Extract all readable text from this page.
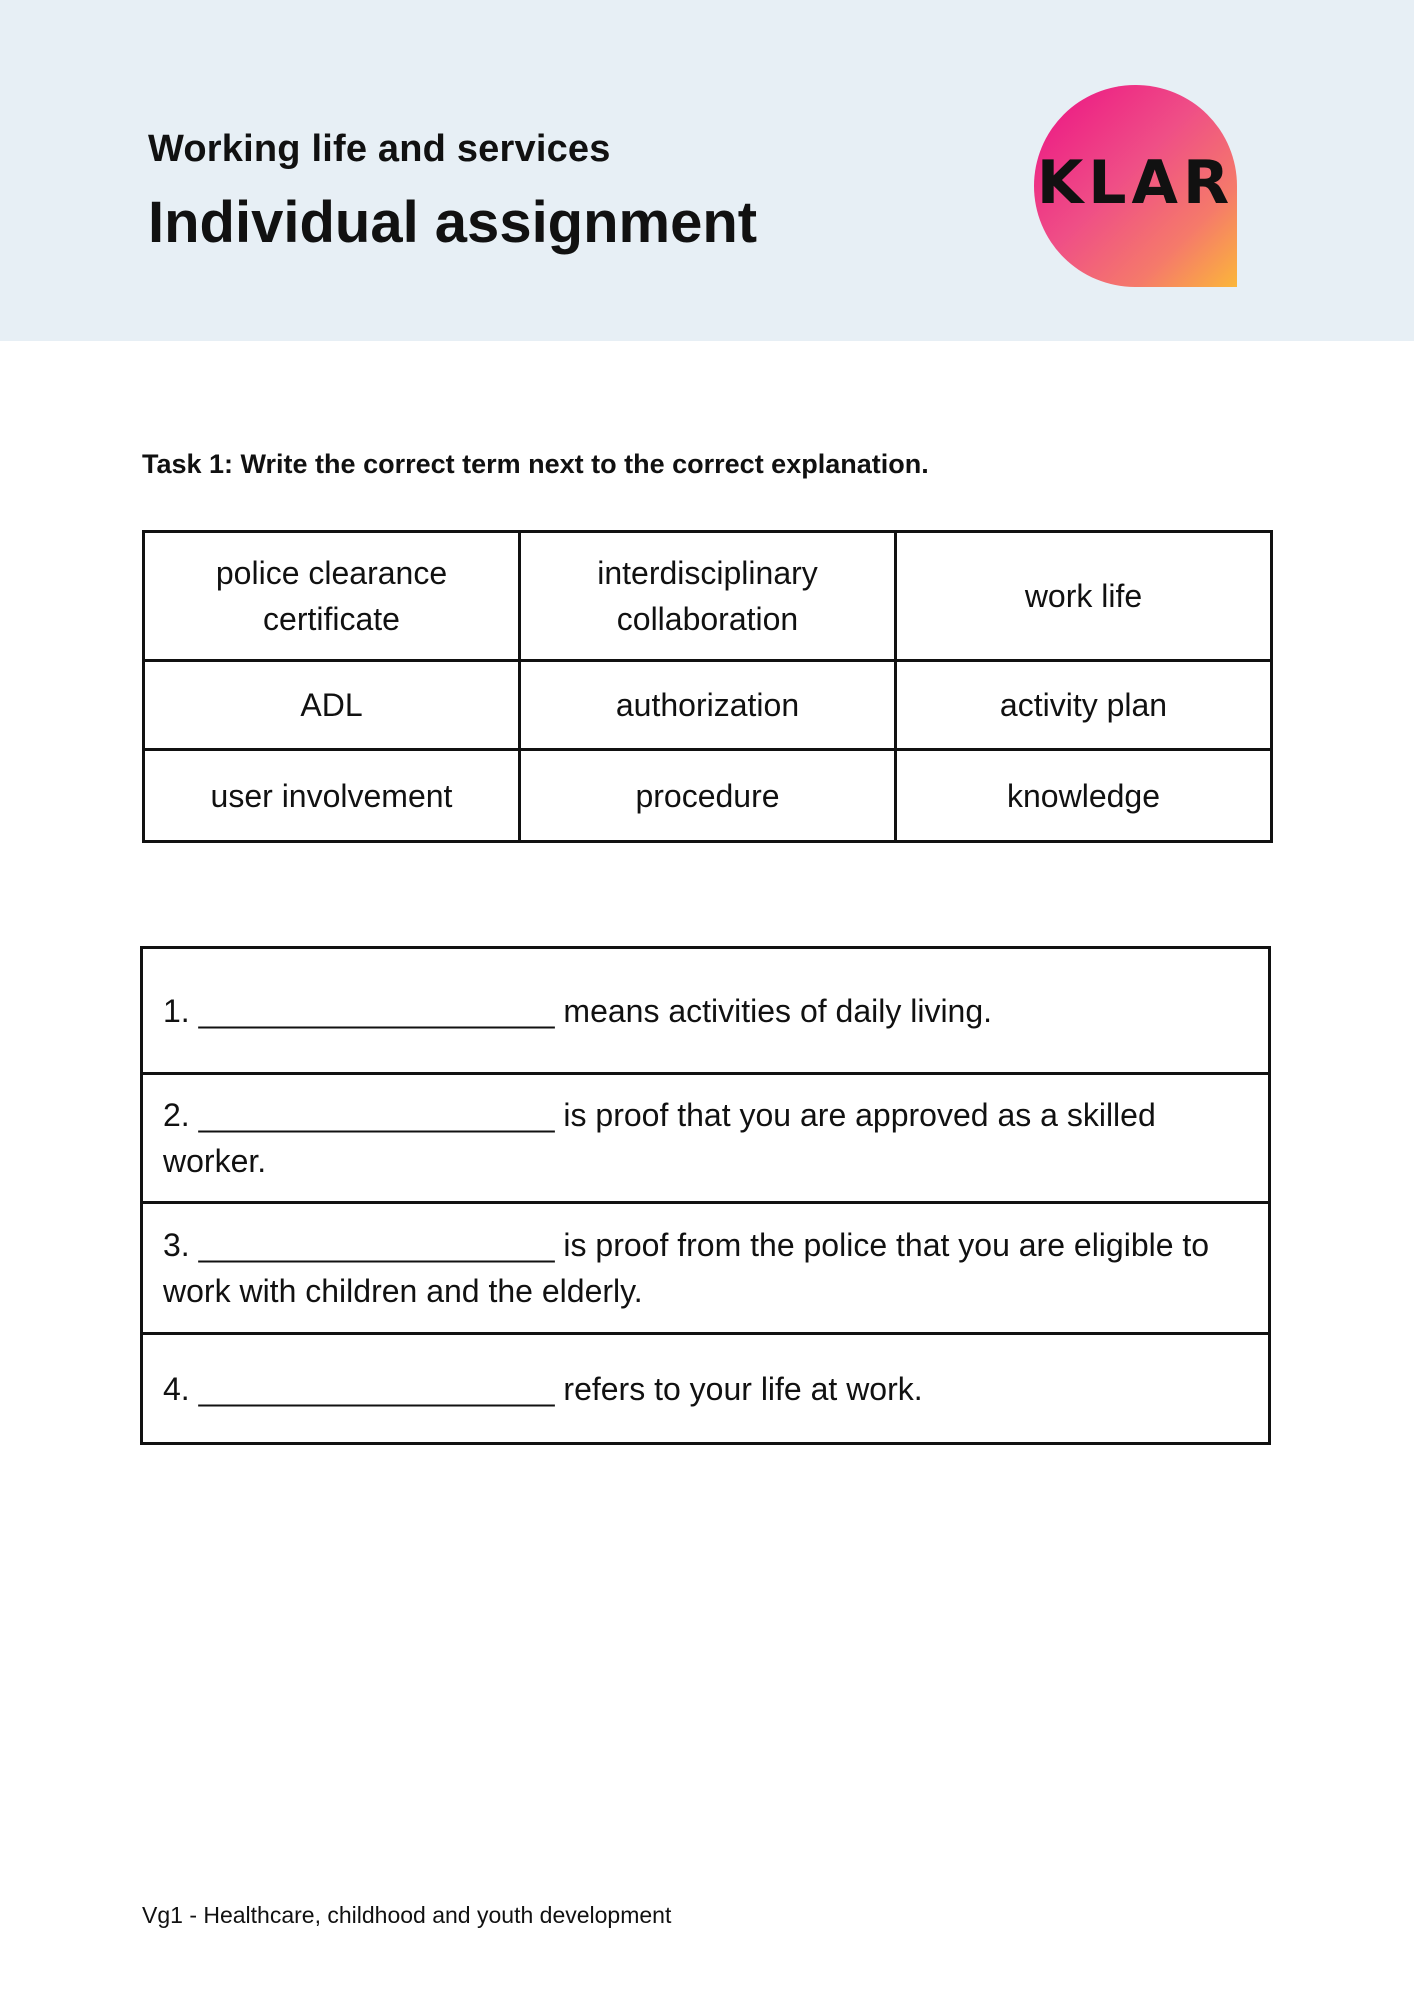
Working life and services
Individual assignment
KLAR
Task 1: Write the correct term next to the correct explanation.
police clearance certificate	interdisciplinary collaboration	work life
ADL	authorization	activity plan
user involvement	procedure	knowledge
1. ____________________ means activities of daily living.
2. ____________________ is proof that you are approved as a skilled worker.
3. ____________________ is proof from the police that you are eligible to work with children and the elderly.
4. ____________________ refers to your life at work.
Vg1 - Healthcare, childhood and youth development
